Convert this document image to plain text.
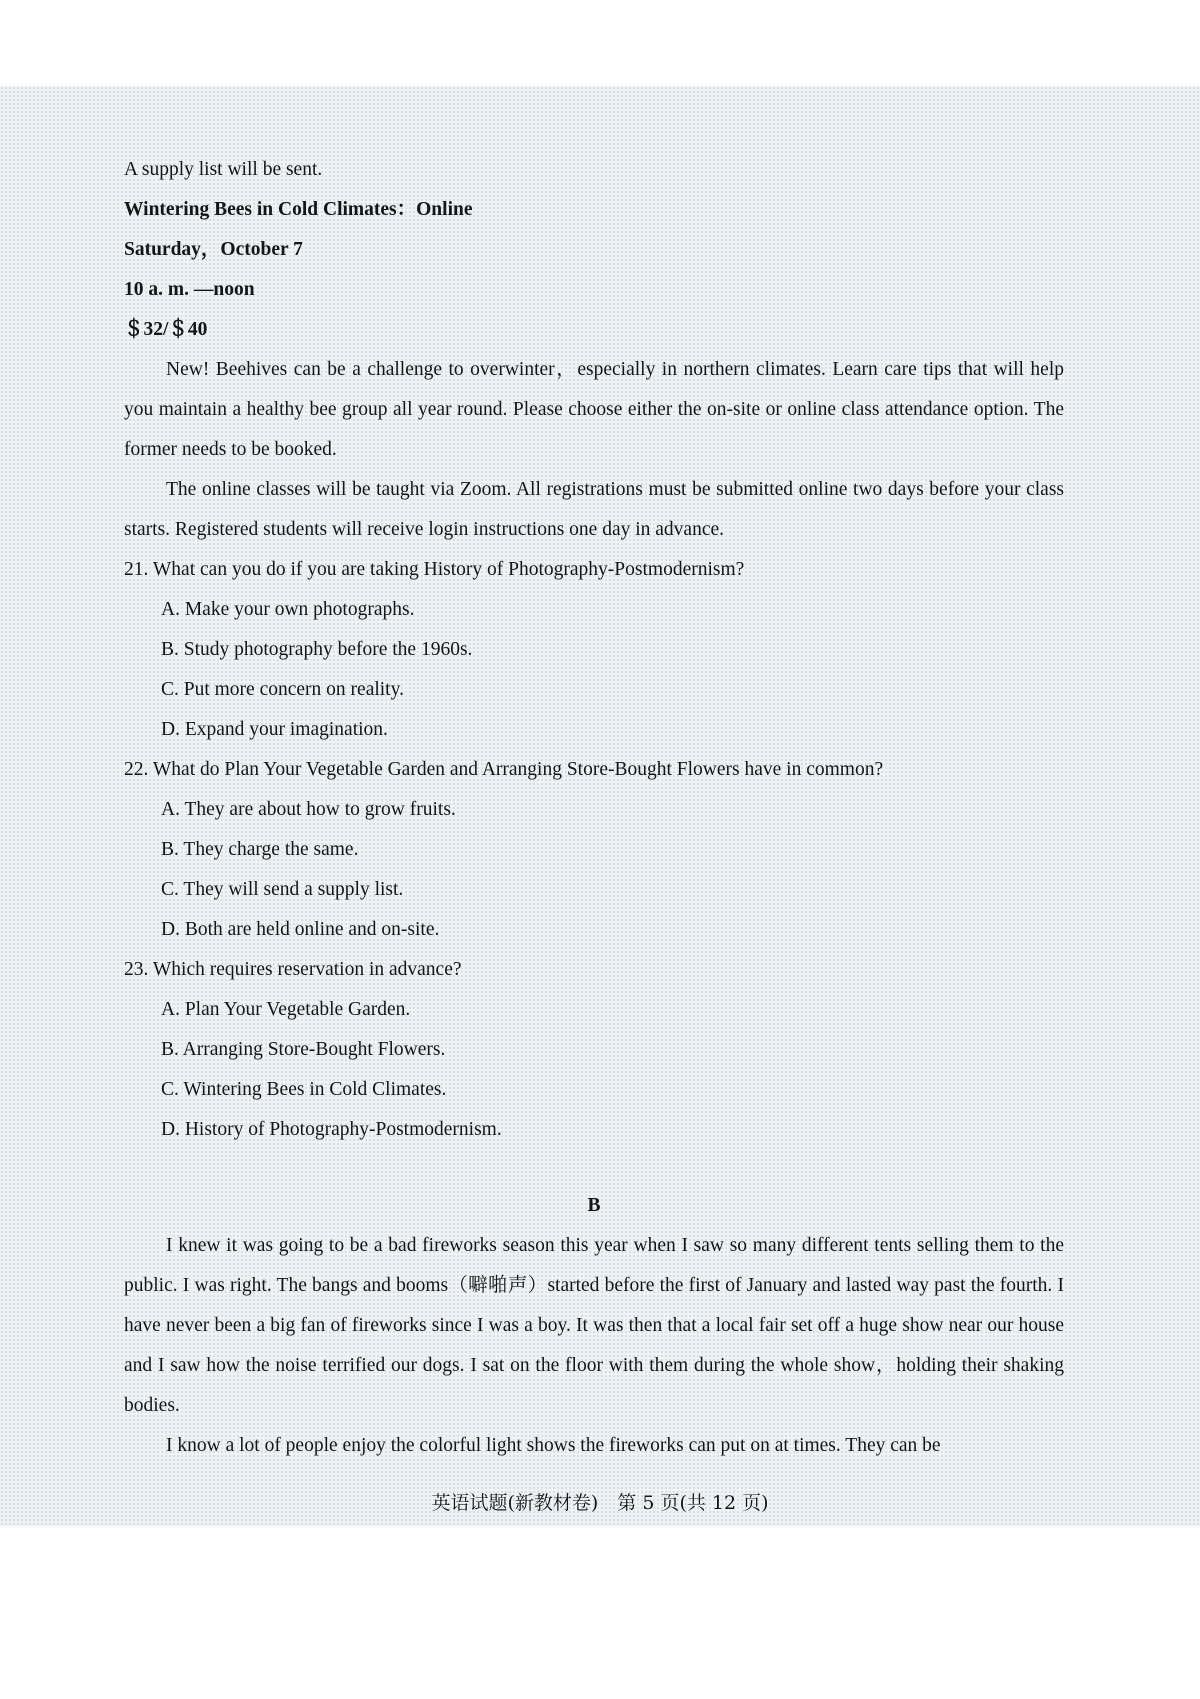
A supply list will be sent.
Wintering Bees in Cold Climates：Online
Saturday，October 7
10 a. m. —noon
＄32/＄40
New! Beehives can be a challenge to overwinter，especially in northern climates. Learn care tips that will help you maintain a healthy bee group all year round. Please choose either the on-site or online class attendance option. The former needs to be booked.
The online classes will be taught via Zoom. All registrations must be submitted online two days before your class starts. Registered students will receive login instructions one day in advance.
21. What can you do if you are taking History of Photography-Postmodernism?
A. Make your own photographs.
B. Study photography before the 1960s.
C. Put more concern on reality.
D. Expand your imagination.
22. What do Plan Your Vegetable Garden and Arranging Store-Bought Flowers have in common?
A. They are about how to grow fruits.
B. They charge the same.
C. They will send a supply list.
D. Both are held online and on-site.
23. Which requires reservation in advance?
A. Plan Your Vegetable Garden.
B. Arranging Store-Bought Flowers.
C. Wintering Bees in Cold Climates.
D. History of Photography-Postmodernism.
B
I knew it was going to be a bad fireworks season this year when I saw so many different tents selling them to the public. I was right. The bangs and booms（噼啪声）started before the first of January and lasted way past the fourth. I have never been a big fan of fireworks since I was a boy. It was then that a local fair set off a huge show near our house and I saw how the noise terrified our dogs. I sat on the floor with them during the whole show，holding their shaking bodies.
I know a lot of people enjoy the colorful light shows the fireworks can put on at times. They can be
英语试题(新教材卷)　第 5 页(共 12 页)
